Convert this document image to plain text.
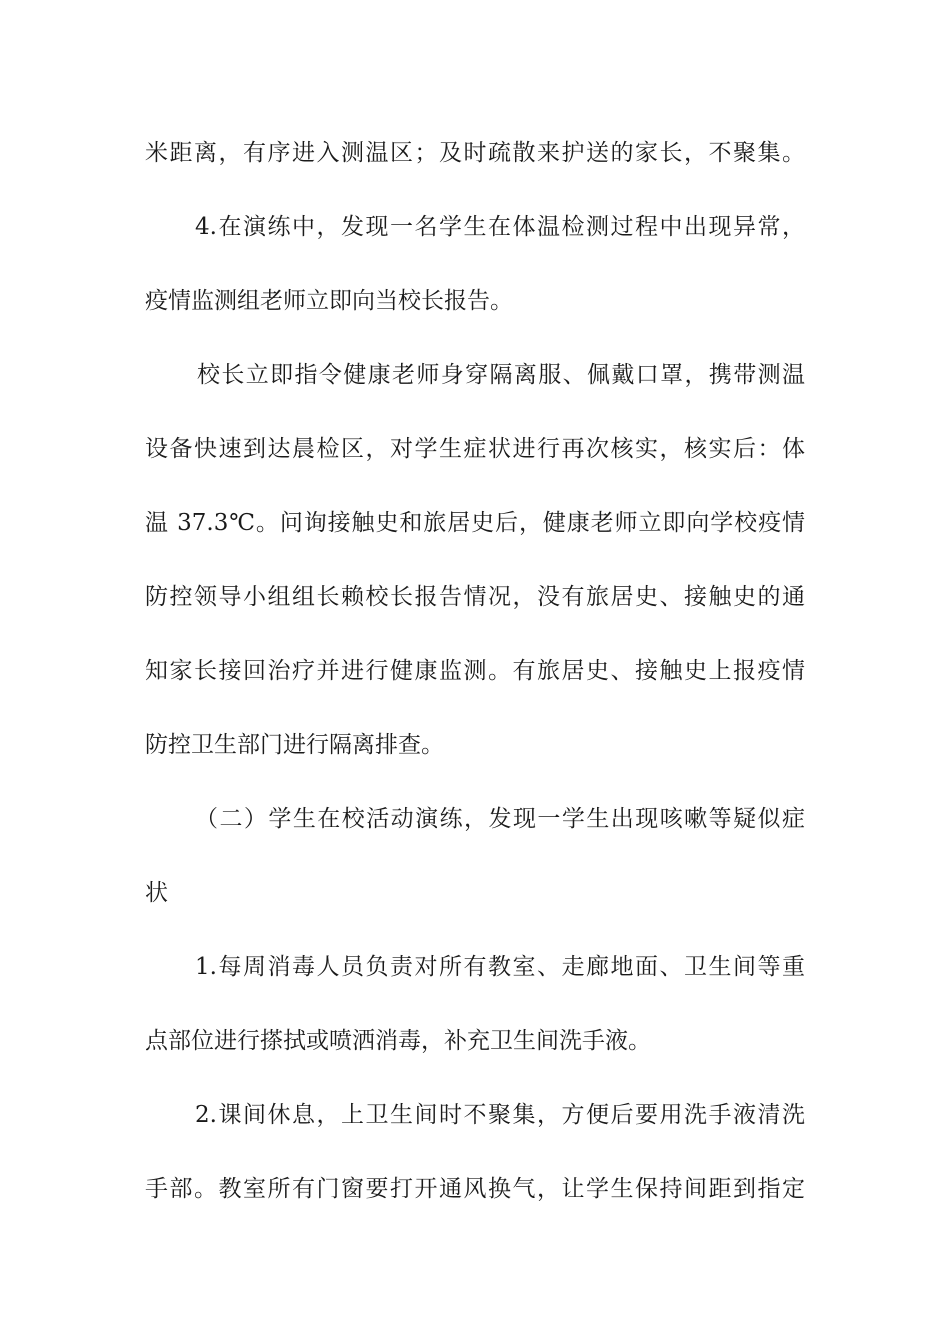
米距离，有序进入测温区；及时疏散来护送的家长，不聚集。
4.在演练中，发现一名学生在体温检测过程中出现异常，
疫情监测组老师立即向当校长报告。
校长立即指令健康老师身穿隔离服、佩戴口罩，携带测温
设备快速到达晨检区，对学生症状进行再次核实，核实后：体
温 37.3℃。问询接触史和旅居史后，健康老师立即向学校疫情
防控领导小组组长赖校长报告情况，没有旅居史、接触史的通
知家长接回治疗并进行健康监测。有旅居史、接触史上报疫情
防控卫生部门进行隔离排查。
（二）学生在校活动演练，发现一学生出现咳嗽等疑似症
状
1.每周消毒人员负责对所有教室、走廊地面、卫生间等重
点部位进行搽拭或喷洒消毒，补充卫生间洗手液。
2.课间休息，上卫生间时不聚集，方便后要用洗手液清洗
手部。教室所有门窗要打开通风换气，让学生保持间距到指定
